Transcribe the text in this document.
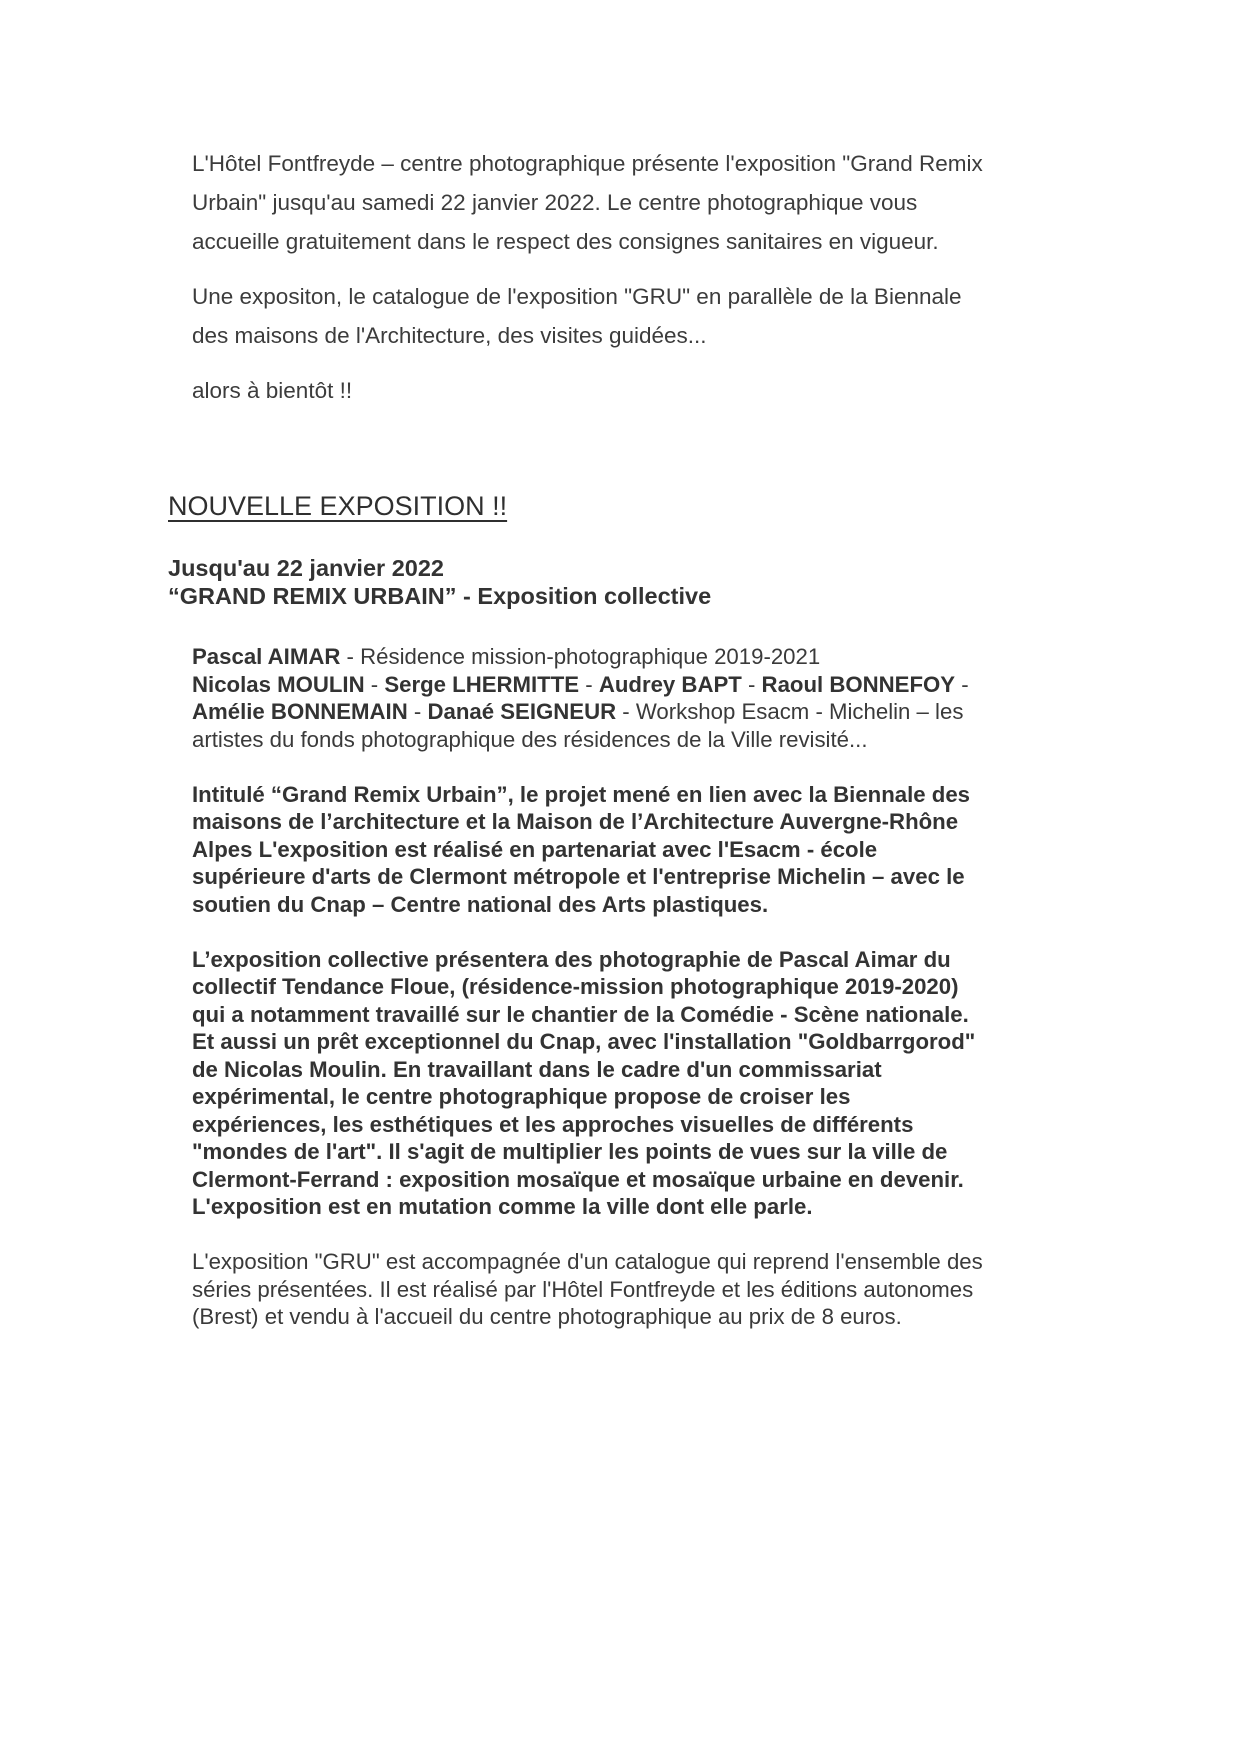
L'Hôtel Fontfreyde – centre photographique présente l'exposition "Grand Remix
Urbain" jusqu'au samedi 22 janvier 2022. Le centre photographique vous
accueille gratuitement dans le respect des consignes sanitaires en vigueur.

Une expositon, le catalogue de l'exposition "GRU" en parallèle de la Biennale
des maisons de l'Architecture, des visites guidées...

alors à bientôt !!

NOUVELLE EXPOSITION !!
Jusqu'au 22 janvier 2022
“GRAND REMIX URBAIN” - Exposition collective

Pascal AIMAR - Résidence mission-photographique 2019-2021
Nicolas MOULIN - Serge LHERMITTE - Audrey BAPT - Raoul BONNEFOY -
Amélie BONNEMAIN - Danaé SEIGNEUR - Workshop Esacm - Michelin – les
artistes du fonds photographique des résidences de la Ville revisité...

Intitulé “Grand Remix Urbain”, le projet mené en lien avec la Biennale des
maisons de l’architecture et la Maison de l’Architecture Auvergne-Rhône
Alpes L'exposition est réalisé en partenariat avec l'Esacm - école
supérieure d'arts de Clermont métropole et l'entreprise Michelin – avec le
soutien du Cnap – Centre national des Arts plastiques.

L’exposition collective présentera des photographie de Pascal Aimar du
collectif Tendance Floue, (résidence-mission photographique 2019-2020)
qui a notamment travaillé sur le chantier de la Comédie - Scène nationale.
Et aussi un prêt exceptionnel du Cnap, avec l'installation "Goldbarrgorod"
de Nicolas Moulin. En travaillant dans le cadre d'un commissariat
expérimental, le centre photographique propose de croiser les
expériences, les esthétiques et les approches visuelles de différents
"mondes de l'art". Il s'agit de multiplier les points de vues sur la ville de
Clermont-Ferrand : exposition mosaïque et mosaïque urbaine en devenir.
L'exposition est en mutation comme la ville dont elle parle.

L'exposition "GRU" est accompagnée d'un catalogue qui reprend l'ensemble des
séries présentées. Il est réalisé par l'Hôtel Fontfreyde et les éditions autonomes
(Brest) et vendu à l'accueil du centre photographique au prix de 8 euros.
